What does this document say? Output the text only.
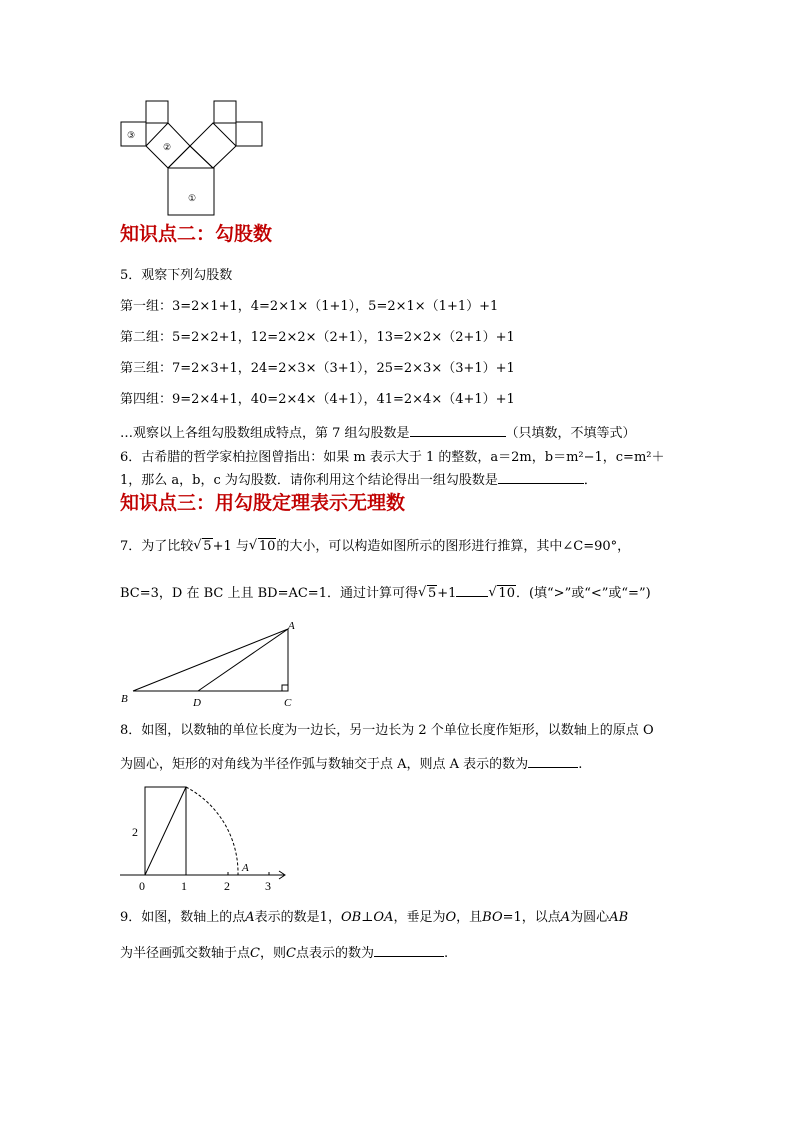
③
②
①
知识点二：勾股数
5．观察下列勾股数
第一组：3=2×1+1，4=2×1×（1+1），5=2×1×（1+1）+1
第二组：5=2×2+1，12=2×2×（2+1），13=2×2×（2+1）+1
第三组：7=2×3+1，24=2×3×（3+1），25=2×3×（3+1）+1
第四组：9=2×4+1，40=2×4×（4+1），41=2×4×（4+1）+1
…观察以上各组勾股数组成特点，第 7 组勾股数是	（只填数，不填等式）
6．古希腊的哲学家柏拉图曾指出：如果 m 表示大于 1 的整数，a＝2m，b＝m²−1，c=m²＋
1，那么 a，b，c 为勾股数．请你利用这个结论得出一组勾股数是	．
知识点三：用勾股定理表示无理数
7．为了比较 √ 5+1 与 √ 10的大小，可以构造如图所示的图形进行推算，其中∠C=90°，
BC=3，D 在 BC 上且 BD=AC=1．通过计算可得 √ 5+1 √ 10．(填“>”或“<”或“=”)
A
B	D	C
8．如图，以数轴的单位长度为一边长，另一边长为 2 个单位长度作矩形，以数轴上的原点 O
为圆心，矩形的对角线为半径作弧与数轴交于点 A，则点 A 表示的数为	.
2
A
0	1	2	3
9．如图，数轴上的点A表示的数是1，OB⊥OA，垂足为O，且BO=1，以点A为圆心AB
为半径画弧交数轴于点C，则C点表示的数为	.
